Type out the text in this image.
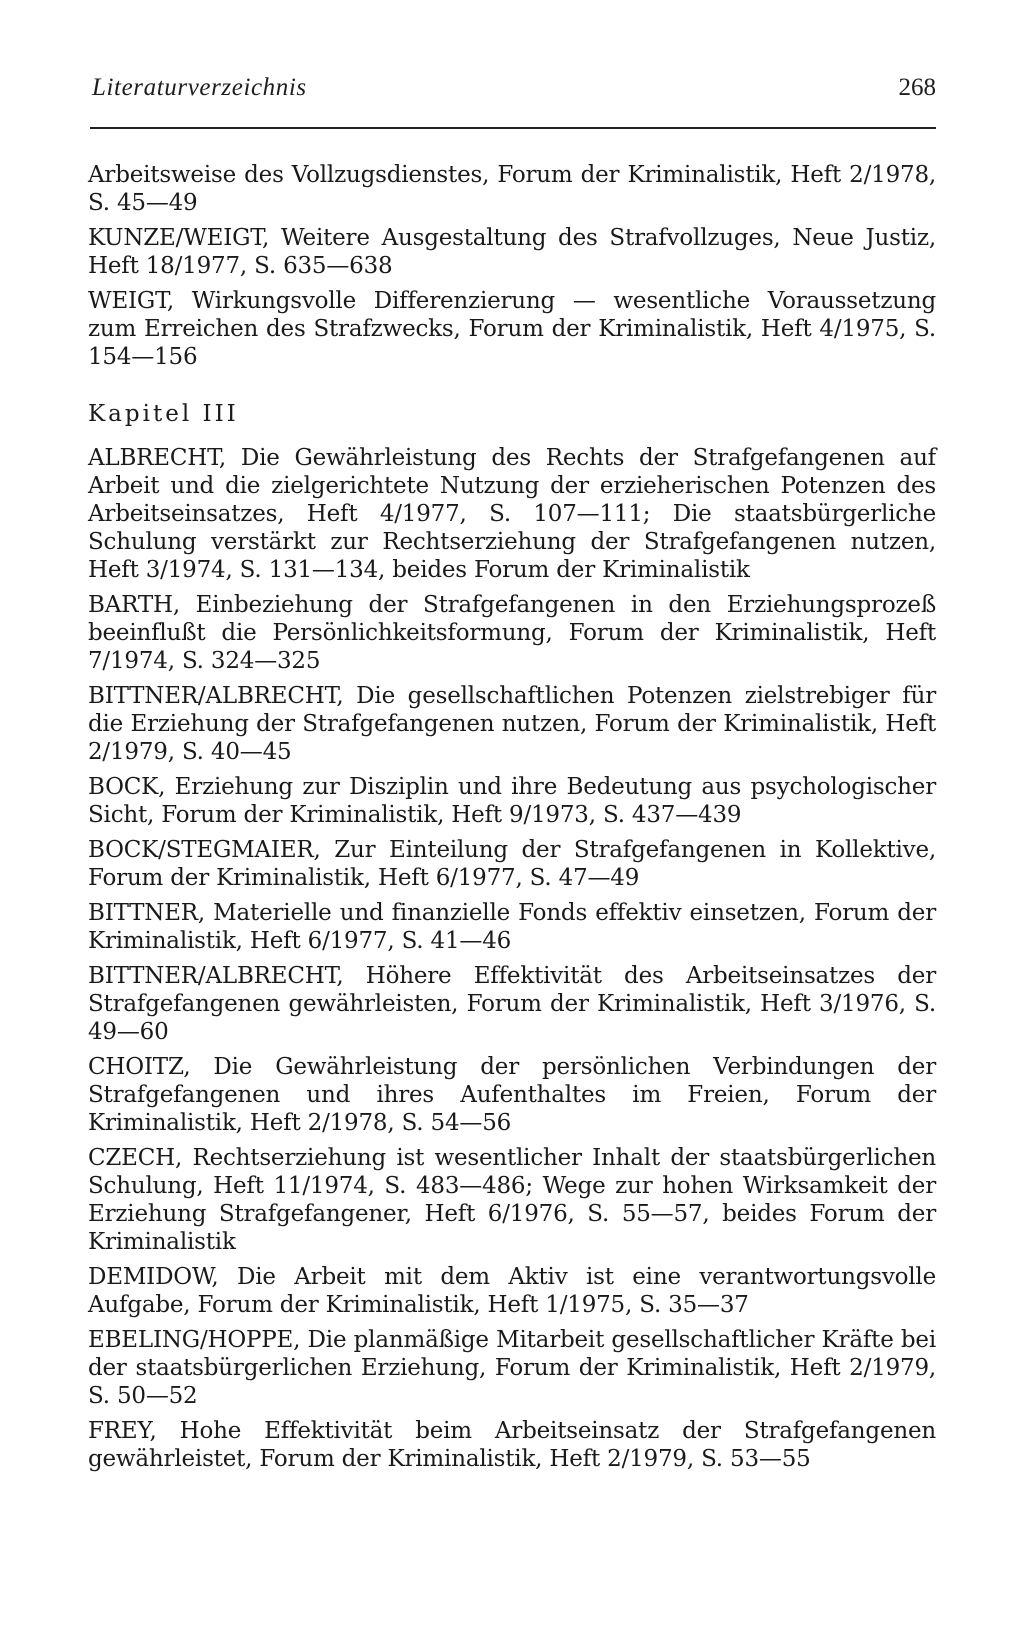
Literaturverzeichnis	268

Arbeitsweise des Vollzugsdienstes, Forum der Kriminalistik, Heft 2/1978, S. 45—49

KUNZE/WEIGT, Weitere Ausgestaltung des Strafvollzuges, Neue Justiz, Heft 18/1977, S. 635—638

WEIGT, Wirkungsvolle Differenzierung — wesentliche Voraussetzung zum Erreichen des Strafzwecks, Forum der Kriminalistik, Heft 4/1975, S. 154—156

Kapitel III

ALBRECHT, Die Gewährleistung des Rechts der Strafgefangenen auf Arbeit und die zielgerichtete Nutzung der erzieherischen Potenzen des Arbeitseinsatzes, Heft 4/1977, S. 107—111; Die staatsbürgerliche Schulung verstärkt zur Rechtserziehung der Strafgefangenen nutzen, Heft 3/1974, S. 131—134, beides Forum der Kriminalistik

BARTH, Einbeziehung der Strafgefangenen in den Erziehungsprozeß beeinflußt die Persönlichkeitsformung, Forum der Kriminalistik, Heft 7/1974, S. 324—325

BITTNER/ALBRECHT, Die gesellschaftlichen Potenzen zielstrebiger für die Erziehung der Strafgefangenen nutzen, Forum der Kriminalistik, Heft 2/1979, S. 40—45

BOCK, Erziehung zur Disziplin und ihre Bedeutung aus psychologischer Sicht, Forum der Kriminalistik, Heft 9/1973, S. 437—439

BOCK/STEGMAIER, Zur Einteilung der Strafgefangenen in Kollektive, Forum der Kriminalistik, Heft 6/1977, S. 47—49

BITTNER, Materielle und finanzielle Fonds effektiv einsetzen, Forum der Kriminalistik, Heft 6/1977, S. 41—46

BITTNER/ALBRECHT, Höhere Effektivität des Arbeitseinsatzes der Strafgefangenen gewährleisten, Forum der Kriminalistik, Heft 3/1976, S. 49—60

CHOITZ, Die Gewährleistung der persönlichen Verbindungen der Strafgefangenen und ihres Aufenthaltes im Freien, Forum der Kriminalistik, Heft 2/1978, S. 54—56

CZECH, Rechtserziehung ist wesentlicher Inhalt der staatsbürgerlichen Schulung, Heft 11/1974, S. 483—486; Wege zur hohen Wirksamkeit der Erziehung Strafgefangener, Heft 6/1976, S. 55—57, beides Forum der Kriminalistik

DEMIDOW, Die Arbeit mit dem Aktiv ist eine verantwortungsvolle Aufgabe, Forum der Kriminalistik, Heft 1/1975, S. 35—37

EBELING/HOPPE, Die planmäßige Mitarbeit gesellschaftlicher Kräfte bei der staatsbürgerlichen Erziehung, Forum der Kriminalistik, Heft 2/1979, S. 50—52

FREY, Hohe Effektivität beim Arbeitseinsatz der Strafgefangenen gewährleistet, Forum der Kriminalistik, Heft 2/1979, S. 53—55
